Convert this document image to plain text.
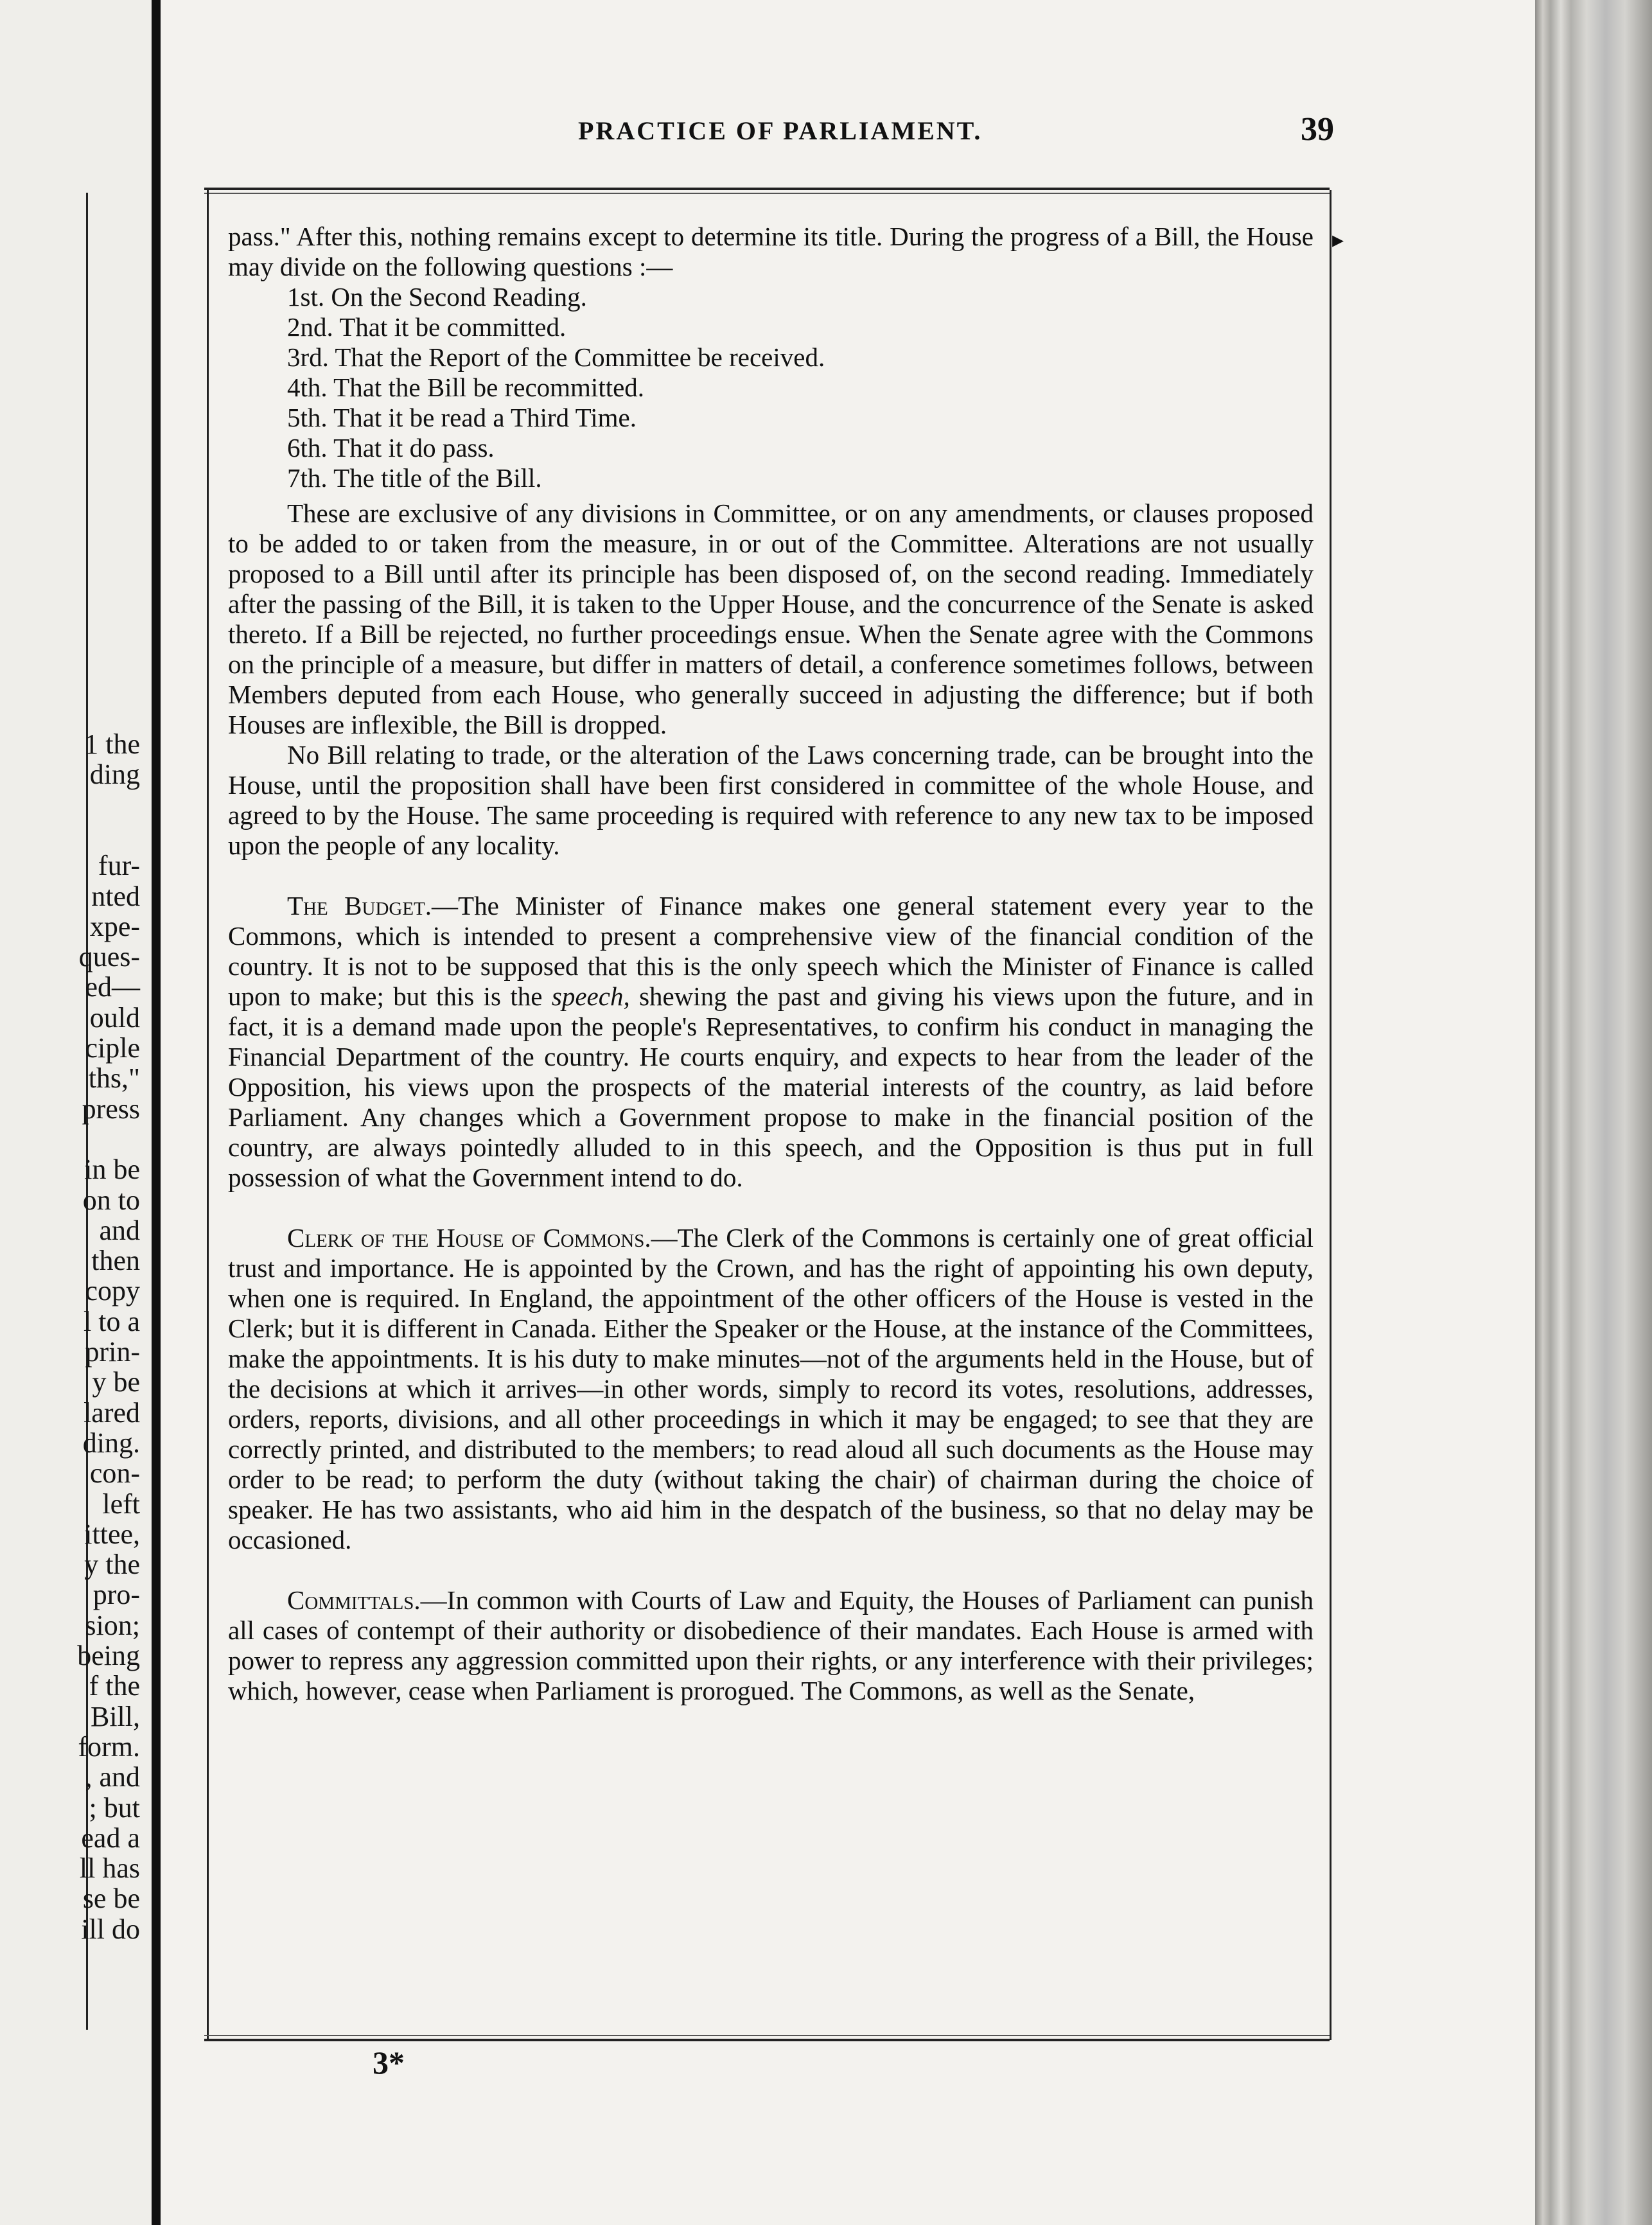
1 the
ding
fur-
nted
xpe-
ques-
ed—
ould
ciple
ths,"
press
in be
on to
and
then
copy
l to a
prin-
y be
lared
ding.
con-
left
ittee,
y the
pro-
sion;
being
f the
Bill,
form.
, and
; but
ead a
ll has
se be
ill do
PRACTICE OF PARLIAMENT.	39
▸

pass." After this, nothing remains except to determine its title. During the progress of a Bill, the House may divide on the following questions :—

1st. On the Second Reading.
2nd. That it be committed.
3rd. That the Report of the Committee be received.
4th. That the Bill be recommitted.
5th. That it be read a Third Time.
6th. That it do pass.
7th. The title of the Bill.

These are exclusive of any divisions in Committee, or on any amendments, or clauses proposed to be added to or taken from the measure, in or out of the Committee. Alterations are not usually proposed to a Bill until after its principle has been disposed of, on the second reading. Immediately after the passing of the Bill, it is taken to the Upper House, and the concurrence of the Senate is asked thereto. If a Bill be rejected, no further proceedings ensue. When the Senate agree with the Commons on the principle of a measure, but differ in matters of detail, a conference sometimes follows, between Members deputed from each House, who generally succeed in adjusting the difference; but if both Houses are inflexible, the Bill is dropped.

No Bill relating to trade, or the alteration of the Laws concerning trade, can be brought into the House, until the proposition shall have been first considered in committee of the whole House, and agreed to by the House. The same proceeding is required with reference to any new tax to be imposed upon the people of any locality.

The Budget.—The Minister of Finance makes one general statement every year to the Commons, which is intended to present a comprehensive view of the financial condition of the country. It is not to be supposed that this is the only speech which the Minister of Finance is called upon to make; but this is the speech, shewing the past and giving his views upon the future, and in fact, it is a demand made upon the people's Representatives, to confirm his conduct in managing the Financial Department of the country. He courts enquiry, and expects to hear from the leader of the Opposition, his views upon the prospects of the material interests of the country, as laid before Parliament. Any changes which a Government propose to make in the financial position of the country, are always pointedly alluded to in this speech, and the Opposition is thus put in full possession of what the Government intend to do.

Clerk of the House of Commons.—The Clerk of the Commons is certainly one of great official trust and importance. He is appointed by the Crown, and has the right of appointing his own deputy, when one is required. In England, the appointment of the other officers of the House is vested in the Clerk; but it is different in Canada. Either the Speaker or the House, at the instance of the Committees, make the appointments. It is his duty to make minutes—not of the arguments held in the House, but of the decisions at which it arrives—in other words, simply to record its votes, resolutions, addresses, orders, reports, divisions, and all other proceedings in which it may be engaged; to see that they are correctly printed, and distributed to the members; to read aloud all such documents as the House may order to be read; to perform the duty (without taking the chair) of chairman during the choice of speaker. He has two assistants, who aid him in the despatch of the business, so that no delay may be occasioned.

Committals.—In common with Courts of Law and Equity, the Houses of Parliament can punish all cases of contempt of their authority or disobedience of their mandates. Each House is armed with power to repress any aggression committed upon their rights, or any interference with their privileges; which, however, cease when Parliament is prorogued. The Commons, as well as the Senate,

3*
